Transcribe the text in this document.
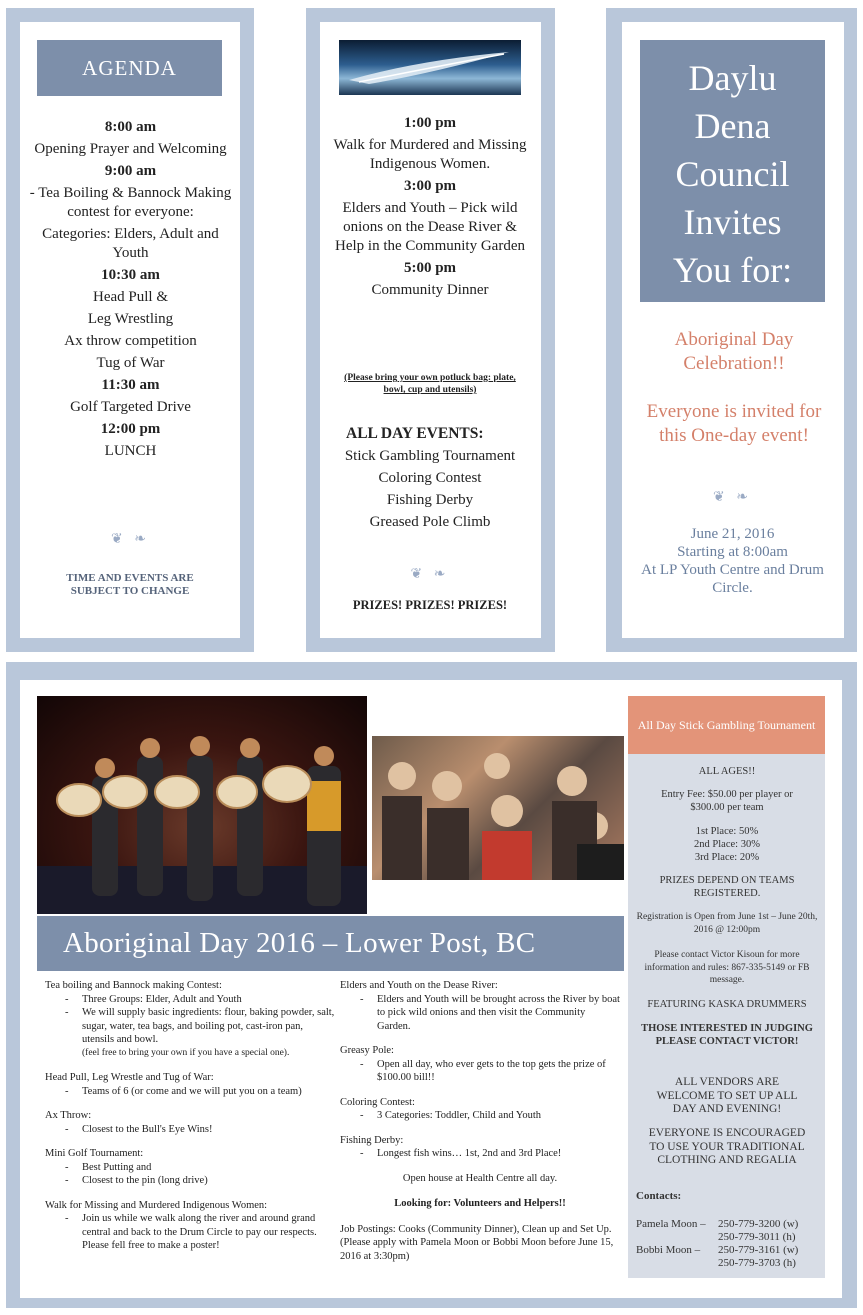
AGENDA
8:00 am
Opening Prayer and Welcoming
9:00 am
- Tea Boiling & Bannock Making contest for everyone:
Categories: Elders, Adult and Youth
10:30 am
Head Pull &
Leg Wrestling
Ax throw competition
Tug of War
11:30 am
Golf Targeted Drive
12:00 pm
LUNCH
❦ ❧
TIME AND EVENTS ARE SUBJECT TO CHANGE
1:00 pm
Walk for Murdered and Missing Indigenous Women.
3:00 pm
Elders and Youth – Pick wild onions on the Dease River & Help in the Community Garden
5:00 pm
Community Dinner
(Please bring your own potluck bag: plate, bowl, cup and utensils)
ALL DAY EVENTS:
Stick Gambling Tournament
Coloring Contest
Fishing Derby
Greased Pole Climb
❦ ❧
PRIZES! PRIZES! PRIZES!
Daylu
Dena
Council
Invites
You for:
Aboriginal Day Celebration!!
Everyone is invited for this One-day event!
❦ ❧
June 21, 2016
Starting at 8:00am
At LP Youth Centre and Drum Circle.
Aboriginal Day 2016 – Lower Post, BC
Tea boiling and Bannock making Contest:
- Three Groups: Elder, Adult and Youth
- We will supply basic ingredients: flour, baking powder, salt, sugar, water, tea bags, and boiling pot, cast-iron pan, utensils and bowl.
(feel free to bring your own if you have a special one).
Head Pull, Leg Wrestle and Tug of War:
- Teams of 6 (or come and we will put you on a team)
Ax Throw:
- Closest to the Bull's Eye Wins!
Mini Golf Tournament:
- Best Putting and
- Closest to the pin (long drive)
Walk for Missing and Murdered Indigenous Women:
- Join us while we walk along the river and around grand central and back to the Drum Circle to pay our respects. Please fell free to make a poster!
Elders and Youth on the Dease River:
- Elders and Youth will be brought across the River by boat to pick wild onions and then visit the Community Garden.
Greasy Pole:
- Open all day, who ever gets to the top gets the prize of $100.00 bill!!
Coloring Contest:
- 3 Categories: Toddler, Child and Youth
Fishing Derby:
- Longest fish wins… 1st, 2nd and 3rd Place!
Open house at Health Centre all day.
Looking for: Volunteers and Helpers!!
Job Postings: Cooks (Community Dinner), Clean up and Set Up. (Please apply with Pamela Moon or Bobbi Moon before June 15, 2016 at 3:30pm)
All Day Stick Gambling Tournament
ALL AGES!!
Entry Fee: $50.00 per player or $300.00 per team
1st Place: 50%
2nd Place: 30%
3rd Place: 20%
PRIZES DEPEND ON TEAMS REGISTERED.
Registration is Open from June 1st – June 20th, 2016 @ 12:00pm
Please contact Victor Kisoun for more information and rules: 867-335-5149 or FB message.
FEATURING KASKA DRUMMERS
THOSE INTERESTED IN JUDGING PLEASE CONTACT VICTOR!
ALL VENDORS ARE WELCOME TO SET UP ALL DAY AND EVENING!
EVERYONE IS ENCOURAGED TO USE YOUR TRADITIONAL CLOTHING AND REGALIA
Contacts:
Pamela Moon –	250-779-3200 (w)
250-779-3011 (h)
Bobbi Moon –	250-779-3161 (w)
250-779-3703 (h)
